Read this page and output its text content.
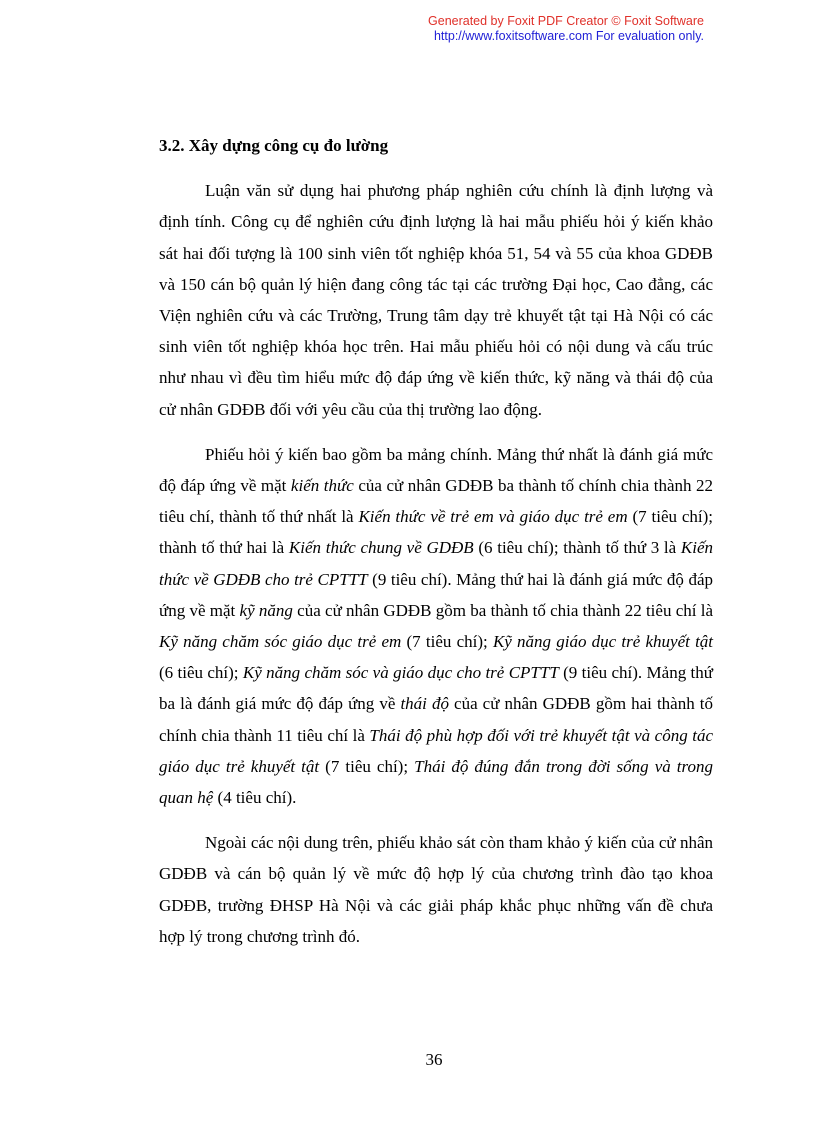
Generated by Foxit PDF Creator © Foxit Software
http://www.foxitsoftware.com For evaluation only.
3.2. Xây dựng công cụ đo lường

Luận văn sử dụng hai phương pháp nghiên cứu chính là định lượng và định tính. Công cụ để nghiên cứu định lượng là hai mẫu phiếu hỏi ý kiến khảo sát hai đối tượng là 100 sinh viên tốt nghiệp khóa 51, 54 và 55 của khoa GDĐB và 150 cán bộ quản lý hiện đang công tác tại các trường Đại học, Cao đẳng, các Viện nghiên cứu và các Trường, Trung tâm dạy trẻ khuyết tật tại Hà Nội có các sinh viên tốt nghiệp khóa học trên. Hai mẫu phiếu hỏi có nội dung và cấu trúc như nhau vì đều tìm hiểu mức độ đáp ứng về kiến thức, kỹ năng và thái độ của cử nhân GDĐB đối với yêu cầu của thị trường lao động.

Phiếu hỏi ý kiến bao gồm ba mảng chính. Mảng thứ nhất là đánh giá mức độ đáp ứng về mặt kiến thức của cử nhân GDĐB ba thành tố chính chia thành 22 tiêu chí, thành tố thứ nhất là Kiến thức về trẻ em và giáo dục trẻ em (7 tiêu chí); thành tố thứ hai là Kiến thức chung về GDĐB (6 tiêu chí); thành tố thứ 3 là Kiến thức về GDĐB cho trẻ CPTTT (9 tiêu chí). Mảng thứ hai là đánh giá mức độ đáp ứng về mặt kỹ năng của cử nhân GDĐB gồm ba thành tố chia thành 22 tiêu chí là Kỹ năng chăm sóc giáo dục trẻ em (7 tiêu chí); Kỹ năng giáo dục trẻ khuyết tật (6 tiêu chí); Kỹ năng chăm sóc và giáo dục cho trẻ CPTTT (9 tiêu chí). Mảng thứ ba là đánh giá mức độ đáp ứng về thái độ của cử nhân GDĐB gồm hai thành tố chính chia thành 11 tiêu chí là Thái độ phù hợp đối với trẻ khuyết tật và công tác giáo dục trẻ khuyết tật (7 tiêu chí); Thái độ đúng đắn trong đời sống và trong quan hệ (4 tiêu chí).

Ngoài các nội dung trên, phiếu khảo sát còn tham khảo ý kiến của cử nhân GDĐB và cán bộ quản lý về mức độ hợp lý của chương trình đào tạo khoa GDĐB, trường ĐHSP Hà Nội và các giải pháp khắc phục những vấn đề chưa hợp lý trong chương trình đó.

36
